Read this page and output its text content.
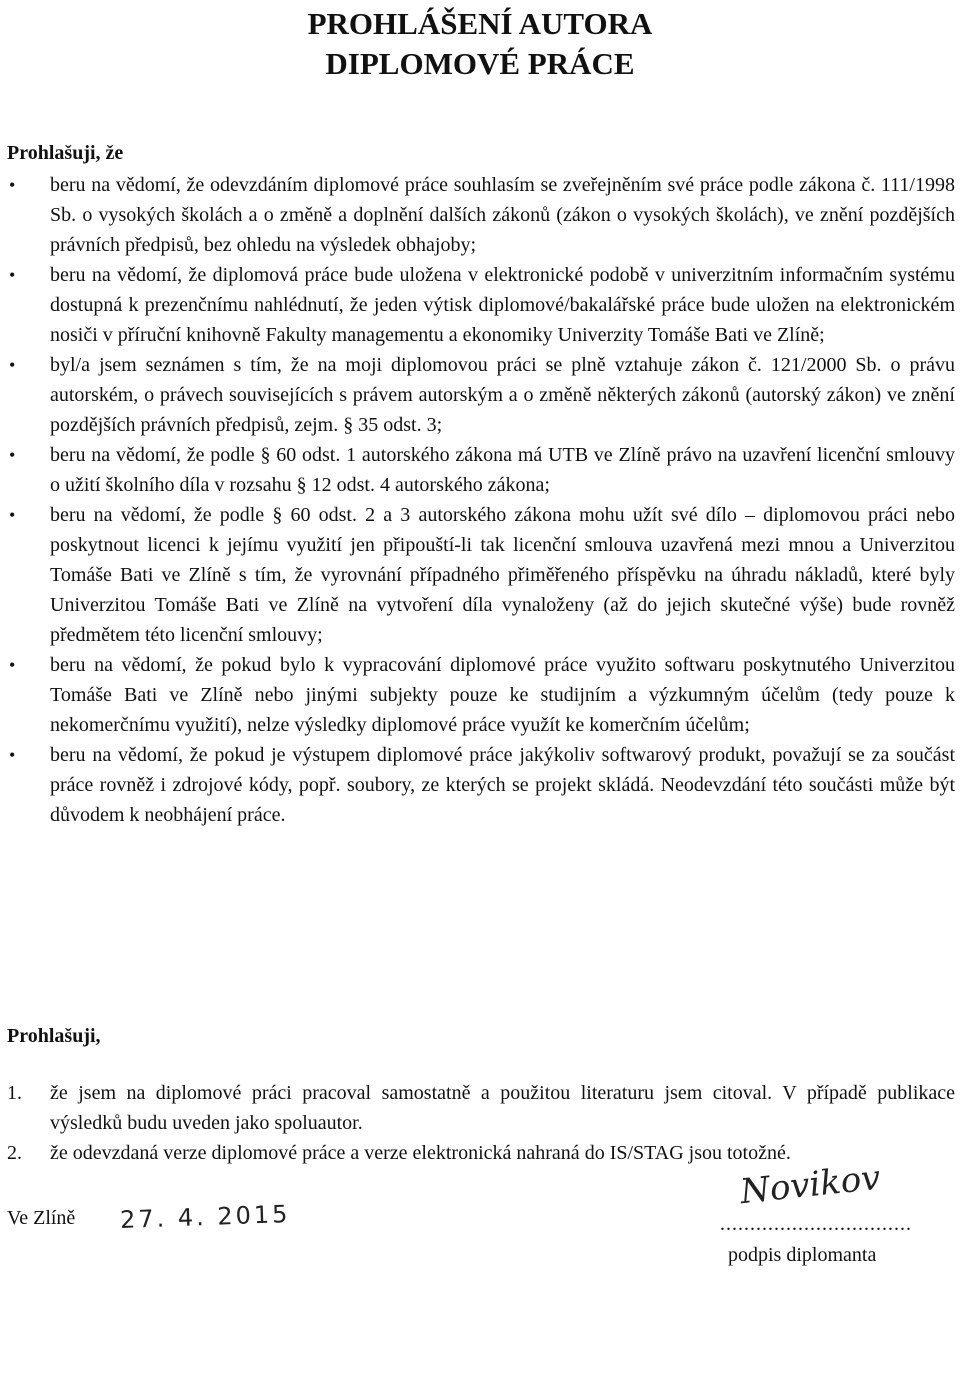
PROHLÁŠENÍ AUTORA
DIPLOMOVÉ PRÁCE
Prohlašuji, že
• beru na vědomí, že odevzdáním diplomové práce souhlasím se zveřejněním své práce podle zákona č. 111/1998 Sb. o vysokých školách a o změně a doplnění dalších zákonů (zákon o vysokých školách), ve znění pozdějších právních předpisů, bez ohledu na výsledek obhajoby;
• beru na vědomí, že diplomová práce bude uložena v elektronické podobě v univerzitním informačním systému dostupná k prezenčnímu nahlédnutí, že jeden výtisk diplomové/bakalářské práce bude uložen na elektronickém nosiči v příruční knihovně Fakulty managementu a ekonomiky Univerzity Tomáše Bati ve Zlíně;
• byl/a jsem seznámen s tím, že na moji diplomovou práci se plně vztahuje zákon č. 121/2000 Sb. o právu autorském, o právech souvisejících s právem autorským a o změně některých zákonů (autorský zákon) ve znění pozdějších právních předpisů, zejm. § 35 odst. 3;
• beru na vědomí, že podle § 60 odst. 1 autorského zákona má UTB ve Zlíně právo na uzavření licenční smlouvy o užití školního díla v rozsahu § 12 odst. 4 autorského zákona;
• beru na vědomí, že podle § 60 odst. 2 a 3 autorského zákona mohu užít své dílo – diplomovou práci nebo poskytnout licenci k jejímu využití jen připouští-li tak licenční smlouva uzavřená mezi mnou a Univerzitou Tomáše Bati ve Zlíně s tím, že vyrovnání případného přiměřeného příspěvku na úhradu nákladů, které byly Univerzitou Tomáše Bati ve Zlíně na vytvoření díla vynaloženy (až do jejich skutečné výše) bude rovněž předmětem této licenční smlouvy;
• beru na vědomí, že pokud bylo k vypracování diplomové práce využito softwaru poskytnutého Univerzitou Tomáše Bati ve Zlíně nebo jinými subjekty pouze ke studijním a výzkumným účelům (tedy pouze k nekomerčnímu využití), nelze výsledky diplomové práce využít ke komerčním účelům;
• beru na vědomí, že pokud je výstupem diplomové práce jakýkoliv softwarový produkt, považují se za součást práce rovněž i zdrojové kódy, popř. soubory, ze kterých se projekt skládá. Neodevzdání této součásti může být důvodem k neobhájení práce.
Prohlašuji,
1. že jsem na diplomové práci pracoval samostatně a použitou literaturu jsem citoval. V případě publikace výsledků budu uveden jako spoluautor.
2. že odevzdaná verze diplomové práce a verze elektronická nahraná do IS/STAG jsou totožné.
Ve Zlíně 27. 4. 2015
Novikov
................................
podpis diplomanta
